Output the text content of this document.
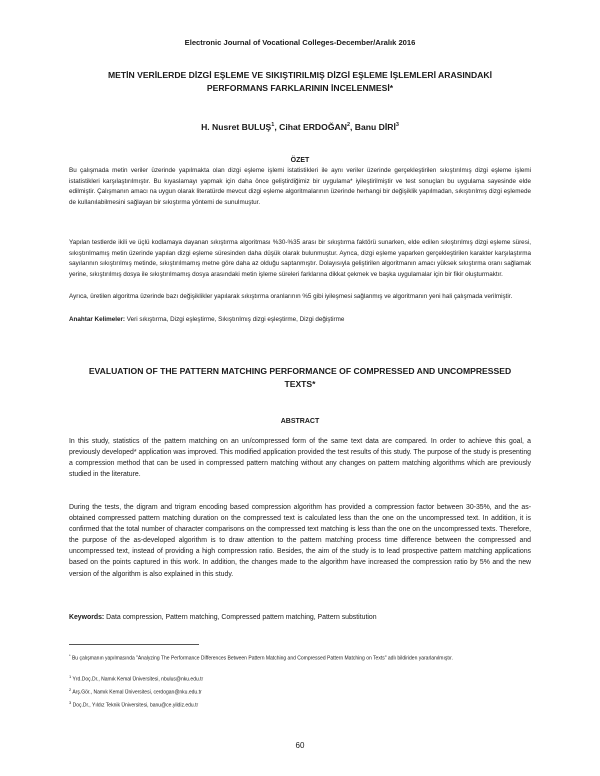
Electronic Journal of Vocational Colleges-December/Aralık 2016
METİN VERİLERDE DİZGİ EŞLEME VE SIKIŞTIRILMIŞ DİZGİ EŞLEME İŞLEMLERİ ARASINDAKİ PERFORMANS FARKLARININ İNCELENMESİ*
H. Nusret BULUŞ$^1$, Cihat ERDOĞAN$^2$, Banu DİRİ$^3$
ÖZET
Bu çalışmada metin veriler üzerinde yapılmakta olan dizgi eşleme işlemi istatistikleri ile aynı veriler üzerinde gerçekleştirilen sıkıştırılmış dizgi eşleme işlemi istatistikleri karşılaştırılmıştır. Bu kıyaslamayı yapmak için daha önce geliştirdiğimiz bir uygulama* iyileştirilmiştir ve test sonuçları bu uygulama sayesinde elde edilmiştir. Çalışmanın amacı na uygun olarak literatürde mevcut dizgi eşleme algoritmalarının üzerinde herhangi bir değişiklik yapılmadan, sıkıştırılmış dizgi eşlemede de kullanılabilmesini sağlayan bir sıkıştırma yöntemi de sunulmuştur.
Yapılan testlerde ikili ve üçlü kodlamaya dayanan sıkıştırma algoritması %30-%35 arası bir sıkıştırma faktörü sunarken, elde edilen sıkıştırılmış dizgi eşleme süresi, sıkıştırılmamış metin üzerinde yapılan dizgi eşleme süresinden daha düşük olarak bulunmuştur. Ayrıca, dizgi eşleme yaparken gerçekleştirilen karakter karşılaştırma sayılarının sıkıştırılmış metinde, sıkıştırılmamış metne göre daha az olduğu saptanmıştır. Dolayısıyla geliştirilen algoritmanın amacı yüksek sıkıştırma oranı sağlamak yerine, sıkıştırılmış dosya ile sıkıştırılmamış dosya arasındaki metin işleme süreleri farklarına dikkat çekmek ve başka uygulamalar için bir fikir oluşturmaktır.
Ayrıca, üretilen algoritma üzerinde bazı değişiklikler yapılarak sıkıştırma oranlarının %5 gibi iyileşmesi sağlanmış ve algoritmanın yeni hali çalışmada verilmiştir.
Anahtar Kelimeler: Veri sıkıştırma, Dizgi eşleştirme, Sıkıştırılmış dizgi eşleştirme, Dizgi değiştirme
EVALUATION OF THE PATTERN MATCHING PERFORMANCE OF COMPRESSED AND UNCOMPRESSED TEXTS*
ABSTRACT
In this study, statistics of the pattern matching on an un/compressed form of the same text data are compared. In order to achieve this goal, a previously developed* application was improved. This modified application provided the test results of this study. The purpose of the study is presenting a compression method that can be used in compressed pattern matching without any changes on pattern matching algorithms which are previously studied in the literature.
During the tests, the digram and trigram encoding based compression algorithm has provided a compression factor between 30-35%, and the as-obtained compressed pattern matching duration on the compressed text is calculated less than the one on the uncompressed text. In addition, it is confirmed that the total number of character comparisons on the compressed text matching is less than the one on the uncompressed texts. Therefore, the purpose of the as-developed algorithm is to draw attention to the pattern matching process time difference between the compressed and uncompressed text, instead of providing a high compression ratio. Besides, the aim of the study is to lead prospective pattern matching applications based on the points captured in this work. In addition, the changes made to the algorithm have increased the compression ratio by 5% and the new version of the algorithm is also explained in this study.
Keywords: Data compression, Pattern matching, Compressed pattern matching, Pattern substitution
* Bu çalışmanın yapılmasında "Analyzing The Performance Differences Between Pattern Matching and Compressed Pattern Matching on Texts" adlı bildiriden yararlanılmıştır.
$^1$ Yrd.Doç.Dr., Namık Kemal Üniversitesi, nbulus@nku.edu.tr
$^2$ Arş.Gör., Namık Kemal Üniversitesi, cerdogan@nku.edu.tr
$^3$ Doç.Dr., Yıldız Teknik Üniversitesi, banu@ce.yildiz.edu.tr
60
